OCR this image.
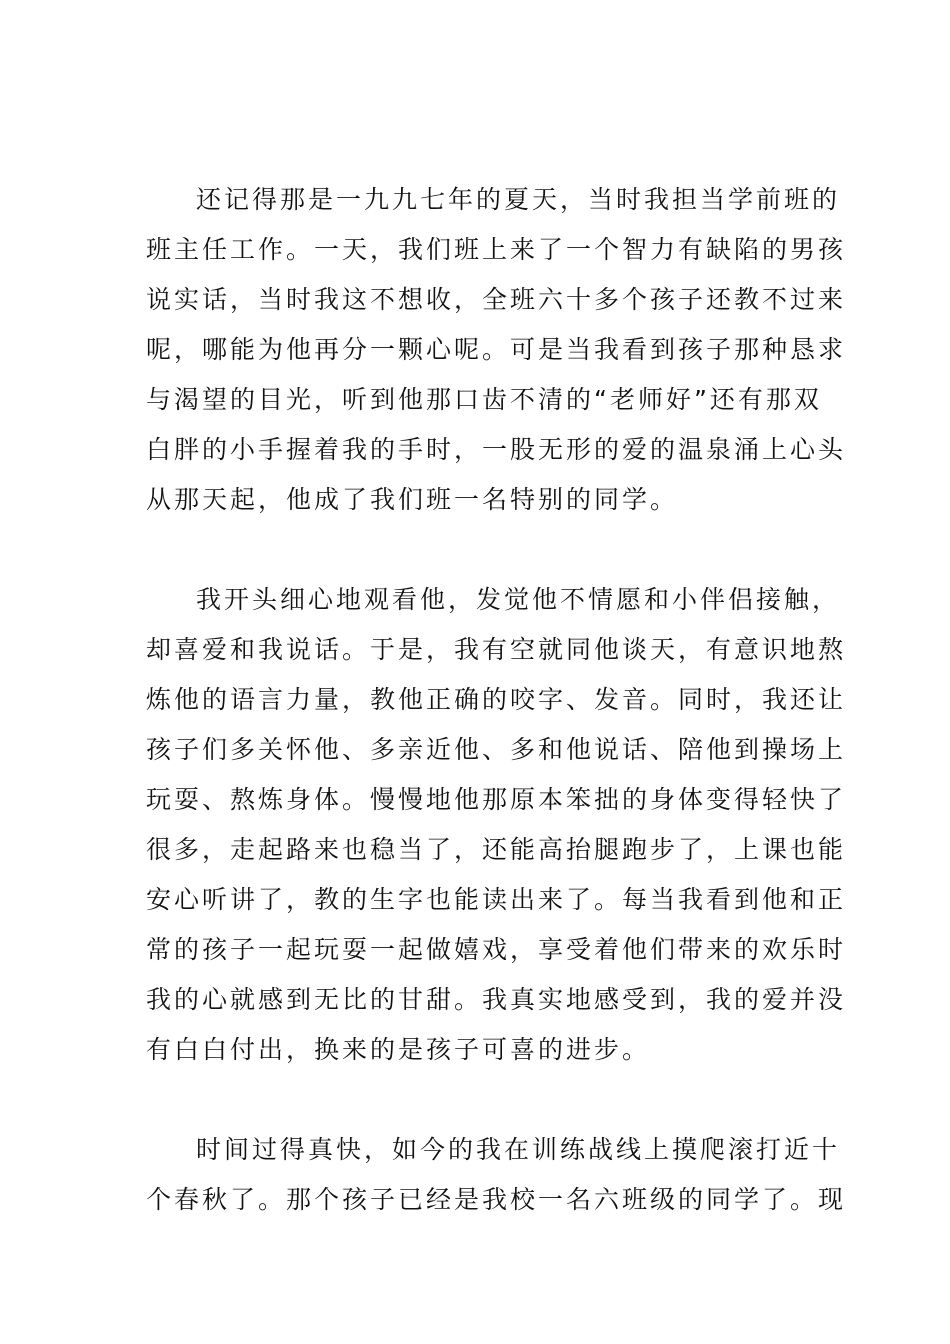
还记得那是一九九七年的夏天，当时我担当学前班的
班主任工作。一天，我们班上来了一个智力有缺陷的男孩
说实话，当时我这不想收，全班六十多个孩子还教不过来
呢，哪能为他再分一颗心呢。可是当我看到孩子那种恳求
与渴望的目光，听到他那口齿不清的“老师好”还有那双
白胖的小手握着我的手时，一股无形的爱的温泉涌上心头
从那天起，他成了我们班一名特别的同学。
我开头细心地观看他，发觉他不情愿和小伴侣接触，
却喜爱和我说话。于是，我有空就同他谈天，有意识地熬
炼他的语言力量，教他正确的咬字、发音。同时，我还让
孩子们多关怀他、多亲近他、多和他说话、陪他到操场上
玩耍、熬炼身体。慢慢地他那原本笨拙的身体变得轻快了
很多，走起路来也稳当了，还能高抬腿跑步了，上课也能
安心听讲了，教的生字也能读出来了。每当我看到他和正
常的孩子一起玩耍一起做嬉戏，享受着他们带来的欢乐时
我的心就感到无比的甘甜。我真实地感受到，我的爱并没
有白白付出，换来的是孩子可喜的进步。
时间过得真快，如今的我在训练战线上摸爬滚打近十
个春秋了。那个孩子已经是我校一名六班级的同学了。现
